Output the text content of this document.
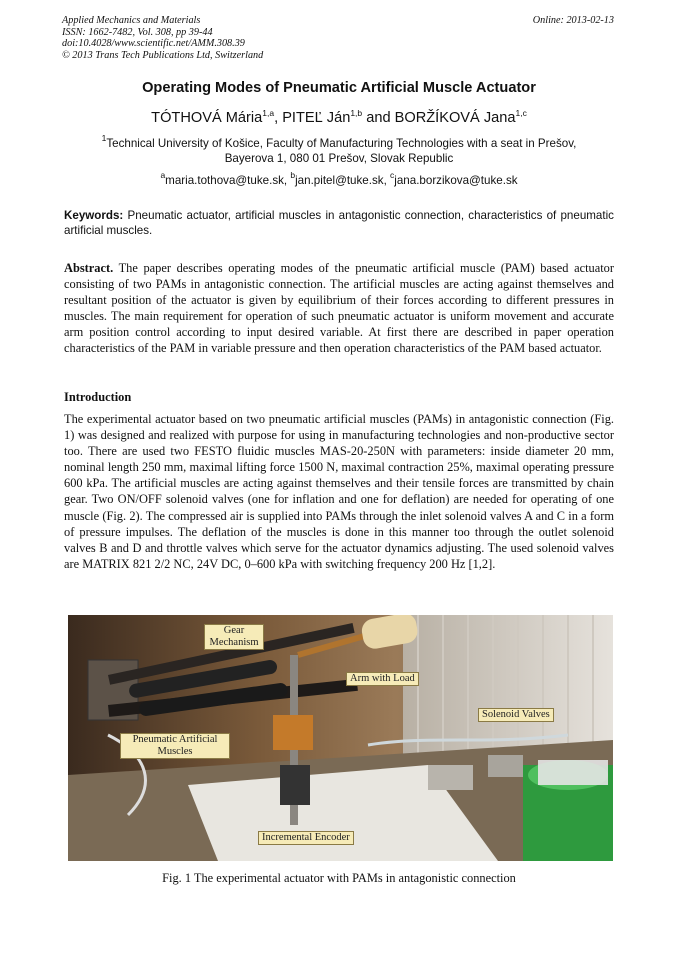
Applied Mechanics and Materials
ISSN: 1662-7482, Vol. 308, pp 39-44
doi:10.4028/www.scientific.net/AMM.308.39
© 2013 Trans Tech Publications Ltd, Switzerland
Online: 2013-02-13
Operating Modes of Pneumatic Artificial Muscle Actuator
TÓTHOVÁ Mária$^{1,a}$, PITEĽ Ján$^{1,b}$ and BORŽÍKOVÁ Jana$^{1,c}$
$^1$Technical University of Košice, Faculty of Manufacturing Technologies with a seat in Prešov,
Bayerova 1, 080 01 Prešov, Slovak Republic
$^a$maria.tothova@tuke.sk, $^b$jan.pitel@tuke.sk, $^c$jana.borzikova@tuke.sk
Keywords: Pneumatic actuator, artificial muscles in antagonistic connection, characteristics of pneumatic artificial muscles.
Abstract. The paper describes operating modes of the pneumatic artificial muscle (PAM) based actuator consisting of two PAMs in antagonistic connection. The artificial muscles are acting against themselves and resultant position of the actuator is given by equilibrium of their forces according to different pressures in muscles. The main requirement for operation of such pneumatic actuator is uniform movement and accurate arm position control according to input desired variable. At first there are described in paper operation characteristics of the PAM in variable pressure and then operation characteristics of the PAM based actuator.
Introduction
The experimental actuator based on two pneumatic artificial muscles (PAMs) in antagonistic connection (Fig. 1) was designed and realized with purpose for using in manufacturing technologies and non-productive sector too. There are used two FESTO fluidic muscles MAS-20-250N with parameters: inside diameter 20 mm, nominal length 250 mm, maximal lifting force 1500 N, maximal contraction 25%, maximal operating pressure 600 kPa. The artificial muscles are acting against themselves and their tensile forces are transmitted by chain gear. Two ON/OFF solenoid valves (one for inflation and one for deflation) are needed for operating of one muscle (Fig. 2). The compressed air is supplied into PAMs through the inlet solenoid valves A and C in a form of pressure impulses. The deflation of the muscles is done in this manner too through the outlet solenoid valves B and D and throttle valves which serve for the actuator dynamics adjusting. The used solenoid valves are MATRIX 821 2/2 NC, 24V DC, 0–600 kPa with switching frequency 200 Hz [1,2].
Gear
Mechanism
Arm with Load
Solenoid Valves
Pneumatic Artificial
Muscles
Incremental Encoder
Fig. 1 The experimental actuator with PAMs in antagonistic connection
